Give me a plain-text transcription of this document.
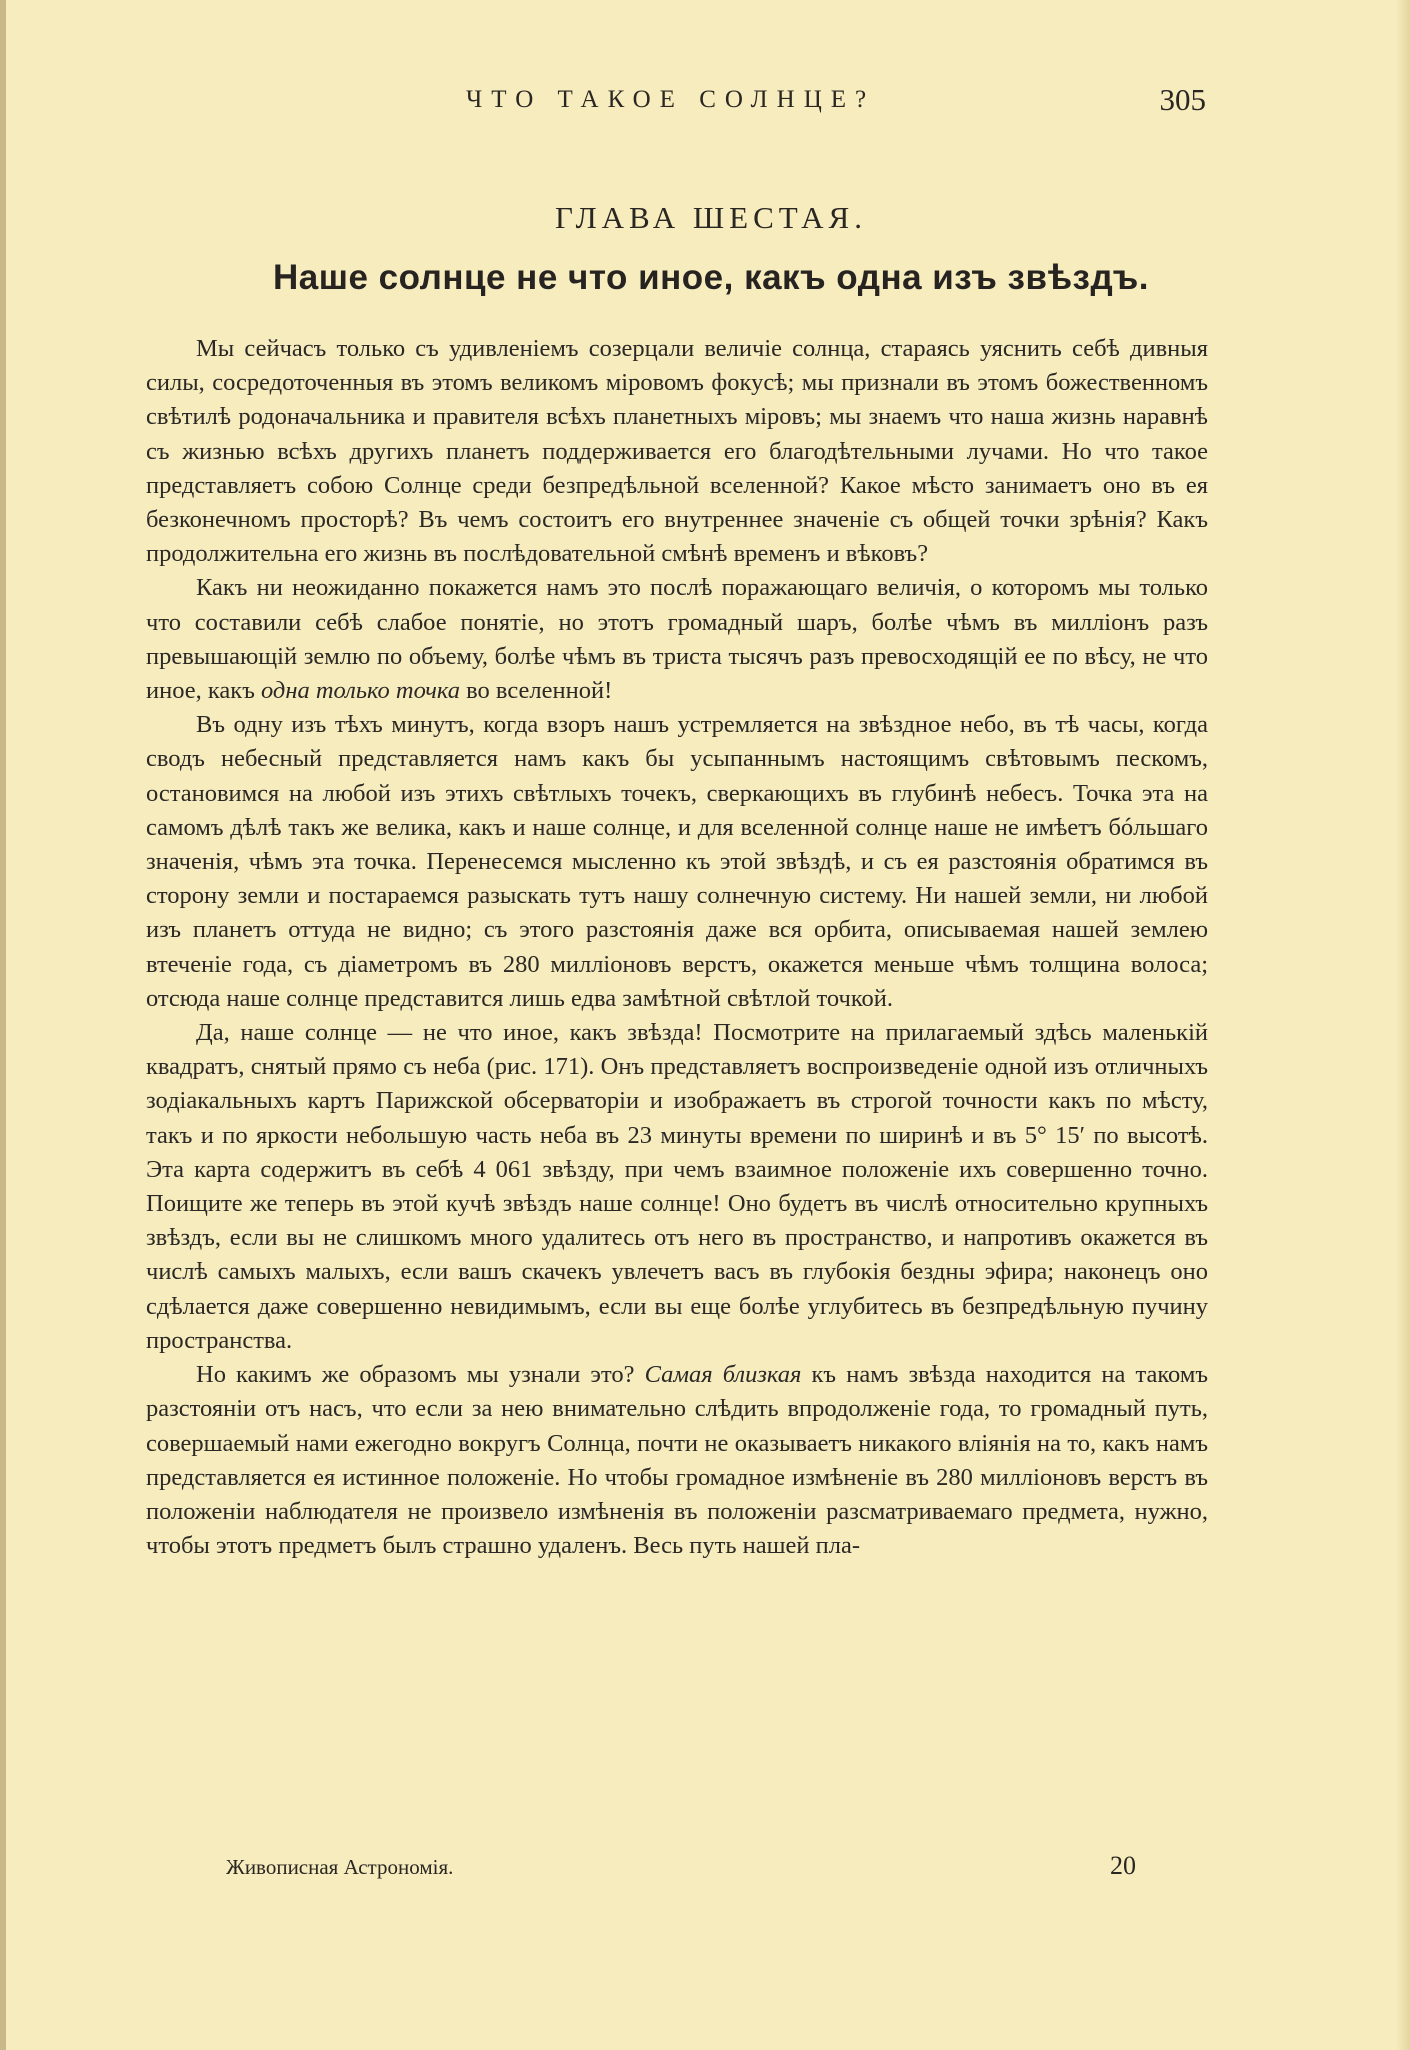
ЧТО ТАКОЕ СОЛНЦЕ?	305
ГЛАВА ШЕСТАЯ.
Наше солнце не что иное, какъ одна изъ звѣздъ.

Мы сейчасъ только съ удивленіемъ созерцали величіе солнца, стараясь уяснить себѣ дивныя силы, сосредоточенныя въ этомъ великомъ міровомъ фокусѣ; мы признали въ этомъ божественномъ свѣтилѣ родоначальника и правителя всѣхъ планетныхъ міровъ; мы знаемъ что наша жизнь наравнѣ съ жизнью всѣхъ другихъ планетъ поддерживается его благодѣтельными лучами. Но что такое представляетъ собою Солнце среди безпредѣльной вселенной? Какое мѣсто занимаетъ оно въ ея безконечномъ просторѣ? Въ чемъ состоитъ его внутреннее значеніе съ общей точки зрѣнія? Какъ продолжительна его жизнь въ послѣдовательной смѣнѣ временъ и вѣковъ?

Какъ ни неожиданно покажется намъ это послѣ поражающаго величія, о которомъ мы только что составили себѣ слабое понятіе, но этотъ громадный шаръ, болѣе чѣмъ въ милліонъ разъ превышающій землю по объему, болѣе чѣмъ въ триста тысячъ разъ превосходящій ее по вѣсу, не что иное, какъ одна только точка во вселенной!

Въ одну изъ тѣхъ минутъ, когда взоръ нашъ устремляется на звѣздное небо, въ тѣ часы, когда сводъ небесный представляется намъ какъ бы усыпаннымъ настоящимъ свѣтовымъ пескомъ, остановимся на любой изъ этихъ свѣтлыхъ точекъ, сверкающихъ въ глубинѣ небесъ. Точка эта на самомъ дѣлѣ такъ же велика, какъ и наше солнце, и для вселенной солнце наше не имѣетъ бóльшаго значенія, чѣмъ эта точка. Перенесемся мысленно къ этой звѣздѣ, и съ ея разстоянія обратимся въ сторону земли и постараемся разыскать тутъ нашу солнечную систему. Ни нашей земли, ни любой изъ планетъ оттуда не видно; съ этого разстоянія даже вся орбита, описываемая нашей землею втеченіе года, съ діаметромъ въ 280 милліоновъ верстъ, окажется меньше чѣмъ толщина волоса; отсюда наше солнце представится лишь едва замѣтной свѣтлой точкой.

Да, наше солнце — не что иное, какъ звѣзда! Посмотрите на прилагаемый здѣсь маленькій квадратъ, снятый прямо съ неба (рис. 171). Онъ представляетъ воспроизведеніе одной изъ отличныхъ зодіакальныхъ картъ Парижской обсерваторіи и изображаетъ въ строгой точности какъ по мѣсту, такъ и по яркости небольшую часть неба въ 23 минуты времени по ширинѣ и въ 5° 15′ по высотѣ. Эта карта содержитъ въ себѣ 4 061 звѣзду, при чемъ взаимное положеніе ихъ совершенно точно. Поищите же теперь въ этой кучѣ звѣздъ наше солнце! Оно будетъ въ числѣ относительно крупныхъ звѣздъ, если вы не слишкомъ много удалитесь отъ него въ пространство, и напротивъ окажется въ числѣ самыхъ малыхъ, если вашъ скачекъ увлечетъ васъ въ глубокія бездны эфира; наконецъ оно сдѣлается даже совершенно невидимымъ, если вы еще болѣе углубитесь въ безпредѣльную пучину пространства.

Но какимъ же образомъ мы узнали это? Самая близкая къ намъ звѣзда находится на такомъ разстояніи отъ насъ, что если за нею внимательно слѣдить впродолженіе года, то громадный путь, совершаемый нами ежегодно вокругъ Солнца, почти не оказываетъ никакого вліянія на то, какъ намъ представляется ея истинное положеніе. Но чтобы громадное измѣненіе въ 280 милліоновъ верстъ въ положеніи наблюдателя не произвело измѣненія въ положеніи разсматриваемаго предмета, нужно, чтобы этотъ предметъ былъ страшно удаленъ. Весь путь нашей пла-

Живописная Астрономія.	20
